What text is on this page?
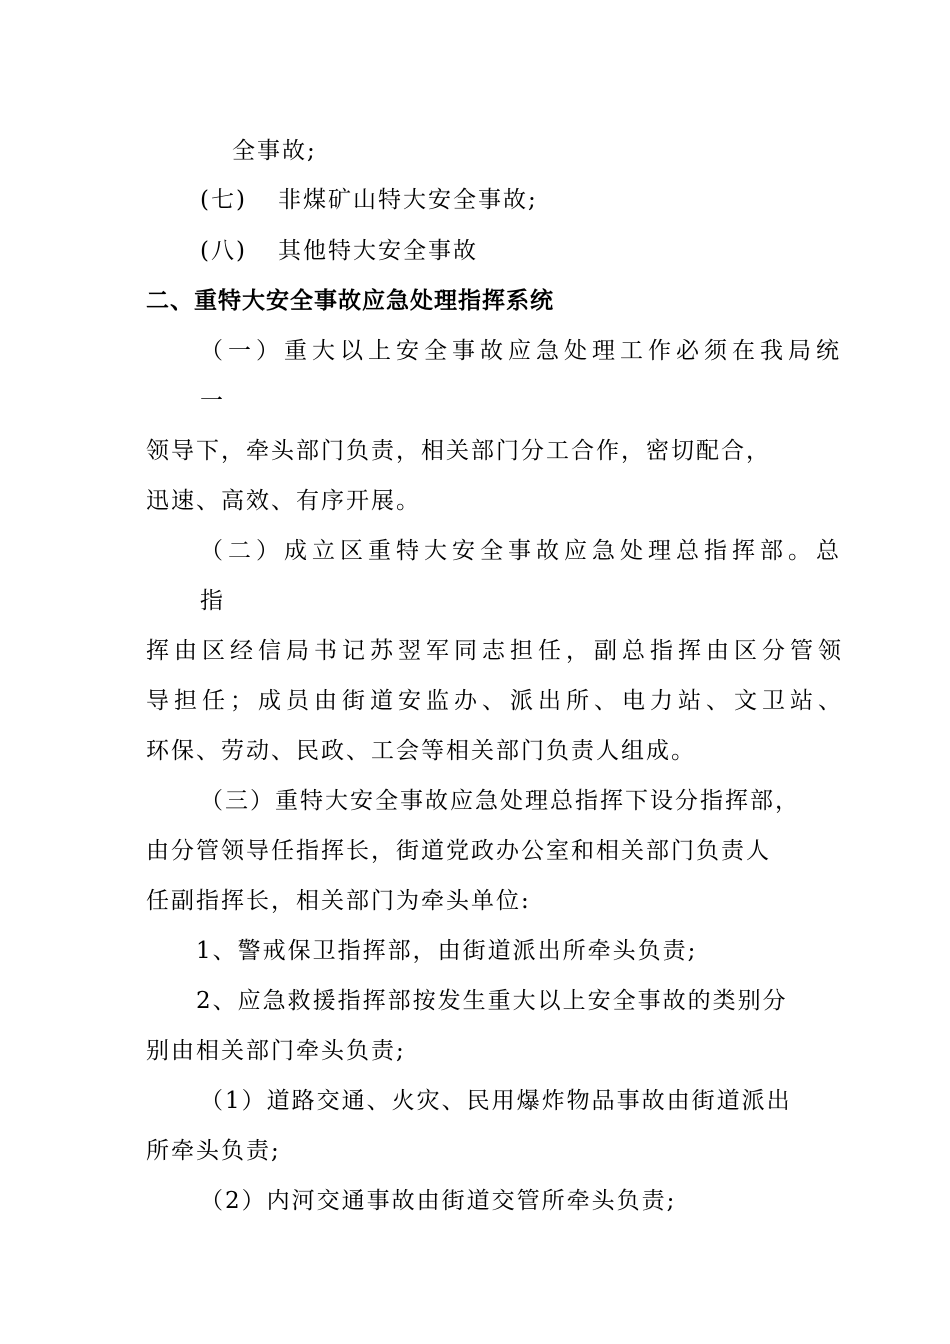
全事故;
(七) 非煤矿山特大安全事故;
(八) 其他特大安全事故
二、重特大安全事故应急处理指挥系统
（一）重大以上安全事故应急处理工作必须在我局统
一
领导下，牵头部门负责，相关部门分工合作，密切配合，
迅速、高效、有序开展。
（二）成立区重特大安全事故应急处理总指挥部。总
指
挥由区经信局书记苏翌军同志担任，副总指挥由区分管领
导担任；成员由街道安监办、派出所、电力站、文卫站、
环保、劳动、民政、工会等相关部门负责人组成。
（三）重特大安全事故应急处理总指挥下设分指挥部，
由分管领导任指挥长，街道党政办公室和相关部门负责人
任副指挥长，相关部门为牵头单位:
1、警戒保卫指挥部，由街道派出所牵头负责;
2、应急救援指挥部按发生重大以上安全事故的类别分
别由相关部门牵头负责;
（1）道路交通、火灾、民用爆炸物品事故由街道派出
所牵头负责;
（2）内河交通事故由街道交管所牵头负责;
